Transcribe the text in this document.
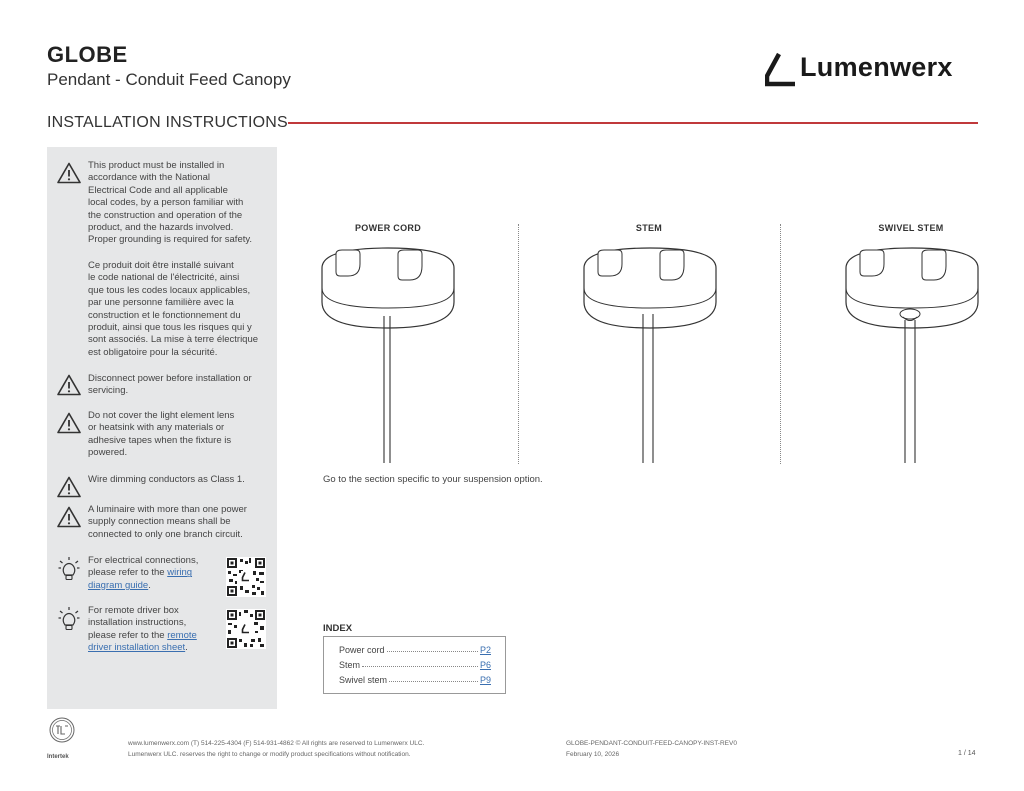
GLOBE
Pendant - Conduit Feed Canopy	Lumenwerx
INSTALLATION INSTRUCTIONS
This product must be installed in
accordance with the National
Electrical Code and all applicable
local codes, by a person familiar with
the construction and operation of the
product, and the hazards involved.
Proper grounding is required for safety.
Ce produit doit être installé suivant
le code national de l'électricité, ainsi
que tous les codes locaux applicables,
par une personne familière avec la
construction et le fonctionnement du
produit, ainsi que tous les risques qui y
sont associés. La mise à terre électrique
est obligatoire pour la sécurité.
Disconnect power before installation or
servicing.
Do not cover the light element lens
or heatsink with any materials or
adhesive tapes when the fixture is
powered.
Wire dimming conductors as Class 1.
A luminaire with more than one power
supply connection means shall be
connected to only one branch circuit.
For electrical connections,
please refer to the wiring
diagram guide.
For remote driver box
installation instructions,
please refer to the remote
driver installation sheet.
POWER CORD	STEM	SWIVEL STEM
Go to the section specific to your suspension option.
INDEX
Power cord	P2
Stem	P6
Swivel stem	P9
Intertek
www.lumenwerx.com (T) 514-225-4304 (F) 514-931-4862 © All rights are reserved to Lumenwerx ULC.
Lumenwerx ULC. reserves the right to change or modify product specifications without notification.
GLOBE-PENDANT-CONDUIT-FEED-CANOPY-INST-REV0
February 10, 2026	1 / 14
